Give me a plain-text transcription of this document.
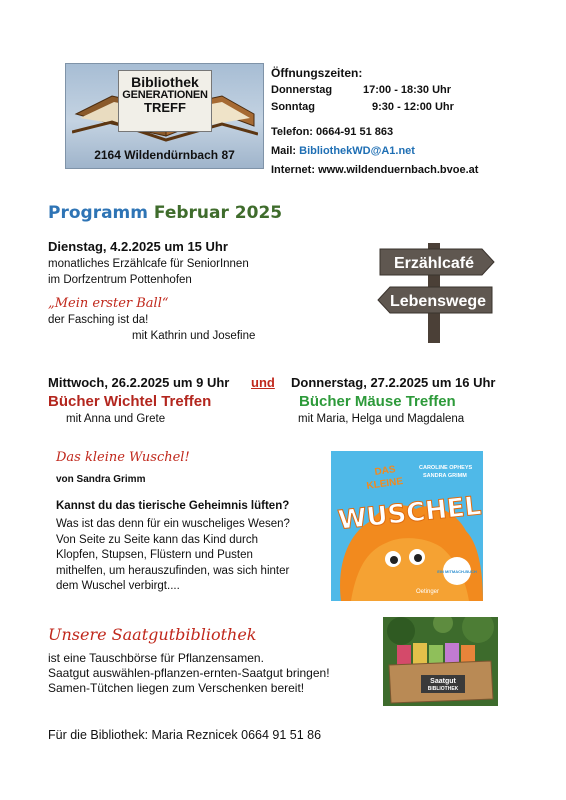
Bibliothek
GENERATIONEN
TREFF
2164 Wildendürnbach 87
Öffnungszeiten:
Donnerstag	17:00 - 18:30 Uhr
Sonntag	9:30 - 12:00 Uhr
Telefon: 0664-91 51 863
Mail: BibliothekWD@A1.net
Internet: www.wildenduernbach.bvoe.at
Programm Februar 2025
Dienstag, 4.2.2025 um 15 Uhr
monatliches Erzählcafe für SeniorInnen
im Dorfzentrum Pottenhofen
„Mein erster Ball“
der Fasching ist da!
mit Kathrin und Josefine
Erzählcafé
Lebenswege
Mittwoch, 26.2.2025 um 9 Uhr und Donnerstag, 27.2.2025 um 16 Uhr
Bücher Wichtel Treffen	Bücher Mäuse Treffen
mit Anna und Grete	mit Maria, Helga und Magdalena
Das kleine Wuschel!
von Sandra Grimm
Kannst du das tierische Geheimnis lüften?
Was ist das denn für ein wuscheliges Wesen?
Von Seite zu Seite kann das Kind durch
Klopfen, Stupsen, Flüstern und Pusten
mithelfen, um herauszufinden, was sich hinter
dem Wuschel verbirgt....
DAS
KLEINE
WUSCHEL
CAROLINE OPHEYS
SANDRA GRIMM
EIN MITMACH-BUCH
Oetinger
Unsere Saatgutbibliothek
ist eine Tauschbörse für Pflanzensamen.
Saatgut auswählen-pflanzen-ernten-Saatgut bringen!
Samen-Tütchen liegen zum Verschenken bereit!	Saatgut
BIBLIOTHEK
Für die Bibliothek: Maria Reznicek 0664 91 51 86
